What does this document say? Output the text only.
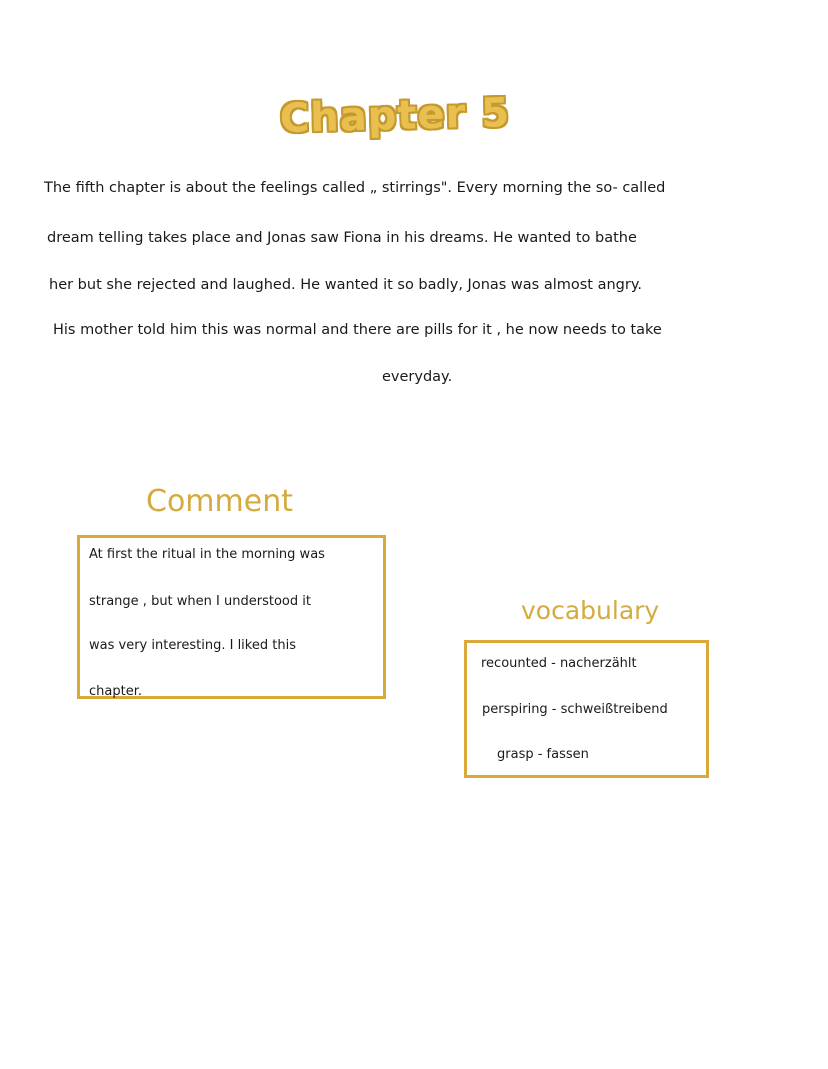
Chapter 5
The fifth chapter is about the feelings called „ stirrings". Every morning the so- called
dream telling takes place and Jonas saw Fiona in his dreams. He wanted to bathe
her but she rejected and laughed. He wanted it so badly, Jonas was almost angry.
His mother told him this was normal and there are pills for it , he now needs to take
everyday.
Comment
At first the ritual in the morning was
strange , but when I understood it
was very interesting. I liked this
chapter.
vocabulary
recounted - nacherzählt
perspiring - schweißtreibend
grasp - fassen
